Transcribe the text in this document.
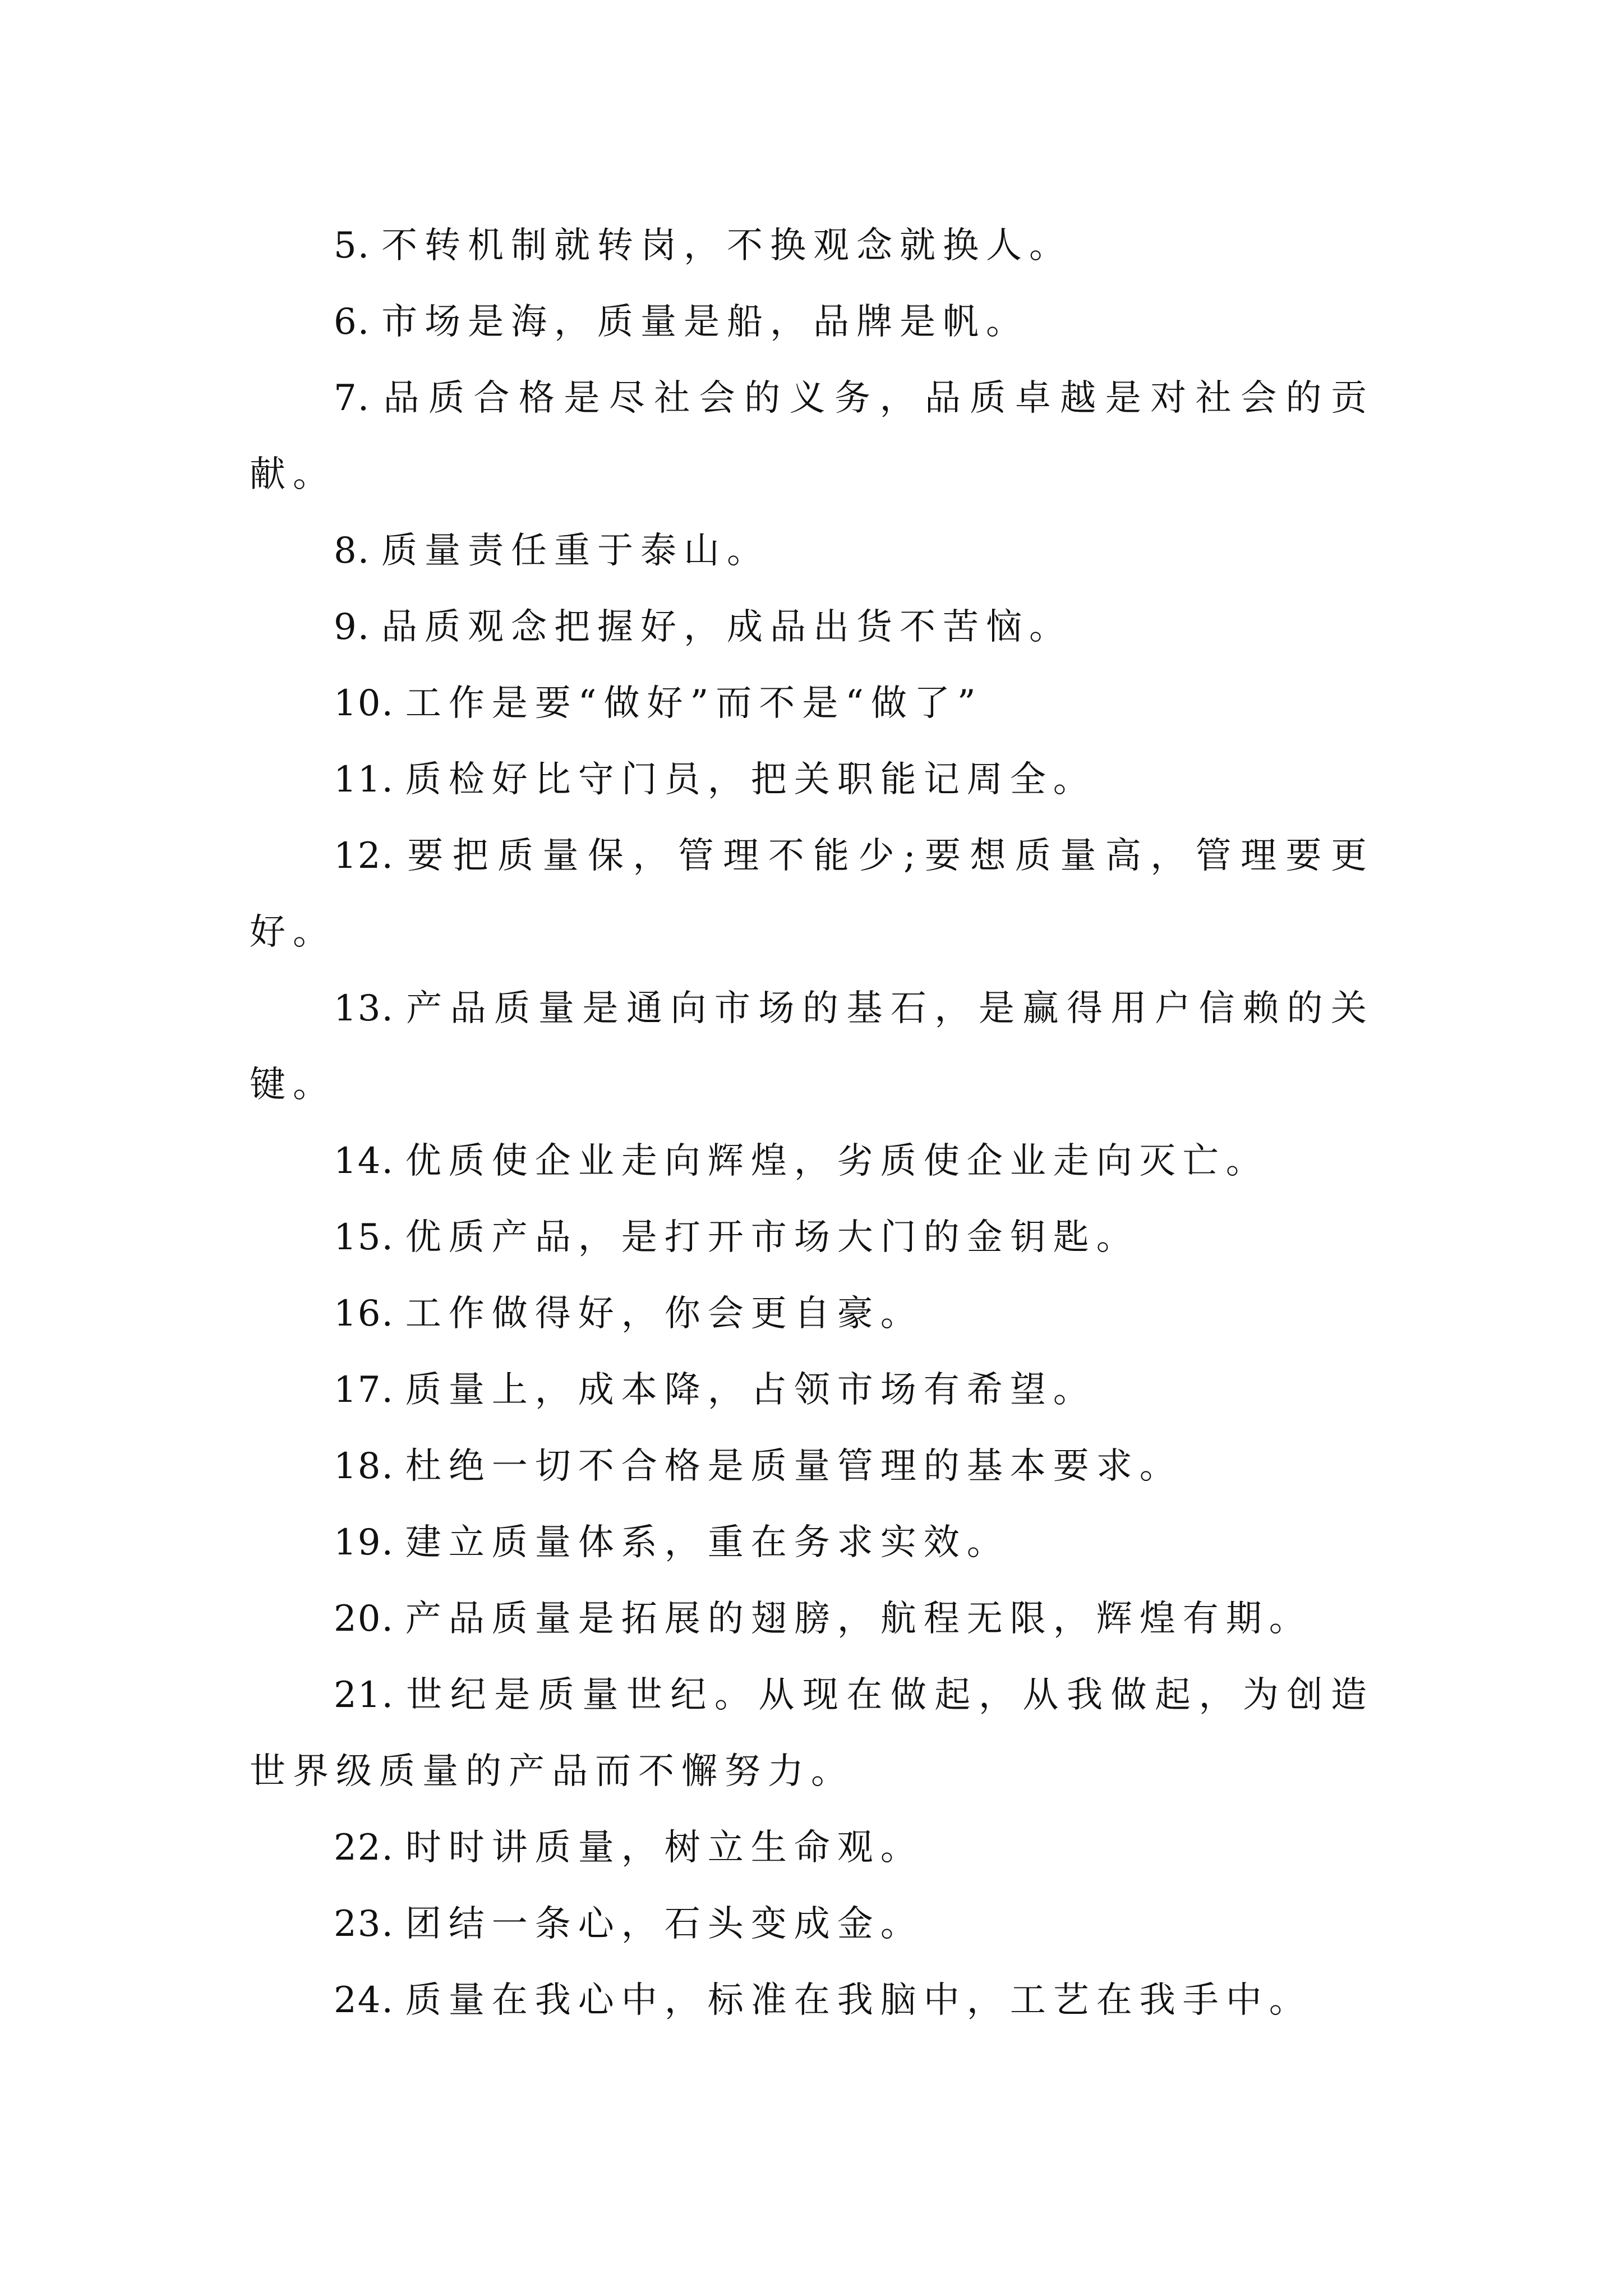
5. 不转机制就转岗，不换观念就换人。

6. 市场是海，质量是船，品牌是帆。

7. 品质合格是尽社会的义务，品质卓越是对社会的贡献。

8. 质量责任重于泰山。

9. 品质观念把握好，成品出货不苦恼。

10. 工作是要“做好”而不是“做了”

11. 质检好比守门员，把关职能记周全。

12. 要把质量保，管理不能少;要想质量高，管理要更好。

13. 产品质量是通向市场的基石，是赢得用户信赖的关键。

14. 优质使企业走向辉煌，劣质使企业走向灭亡。

15. 优质产品，是打开市场大门的金钥匙。

16. 工作做得好，你会更自豪。

17. 质量上，成本降，占领市场有希望。

18. 杜绝一切不合格是质量管理的基本要求。

19. 建立质量体系，重在务求实效。

20. 产品质量是拓展的翅膀，航程无限，辉煌有期。

21. 世纪是质量世纪。从现在做起，从我做起，为创造世界级质量的产品而不懈努力。

22. 时时讲质量，树立生命观。

23. 团结一条心，石头变成金。

24. 质量在我心中，标准在我脑中，工艺在我手中。
